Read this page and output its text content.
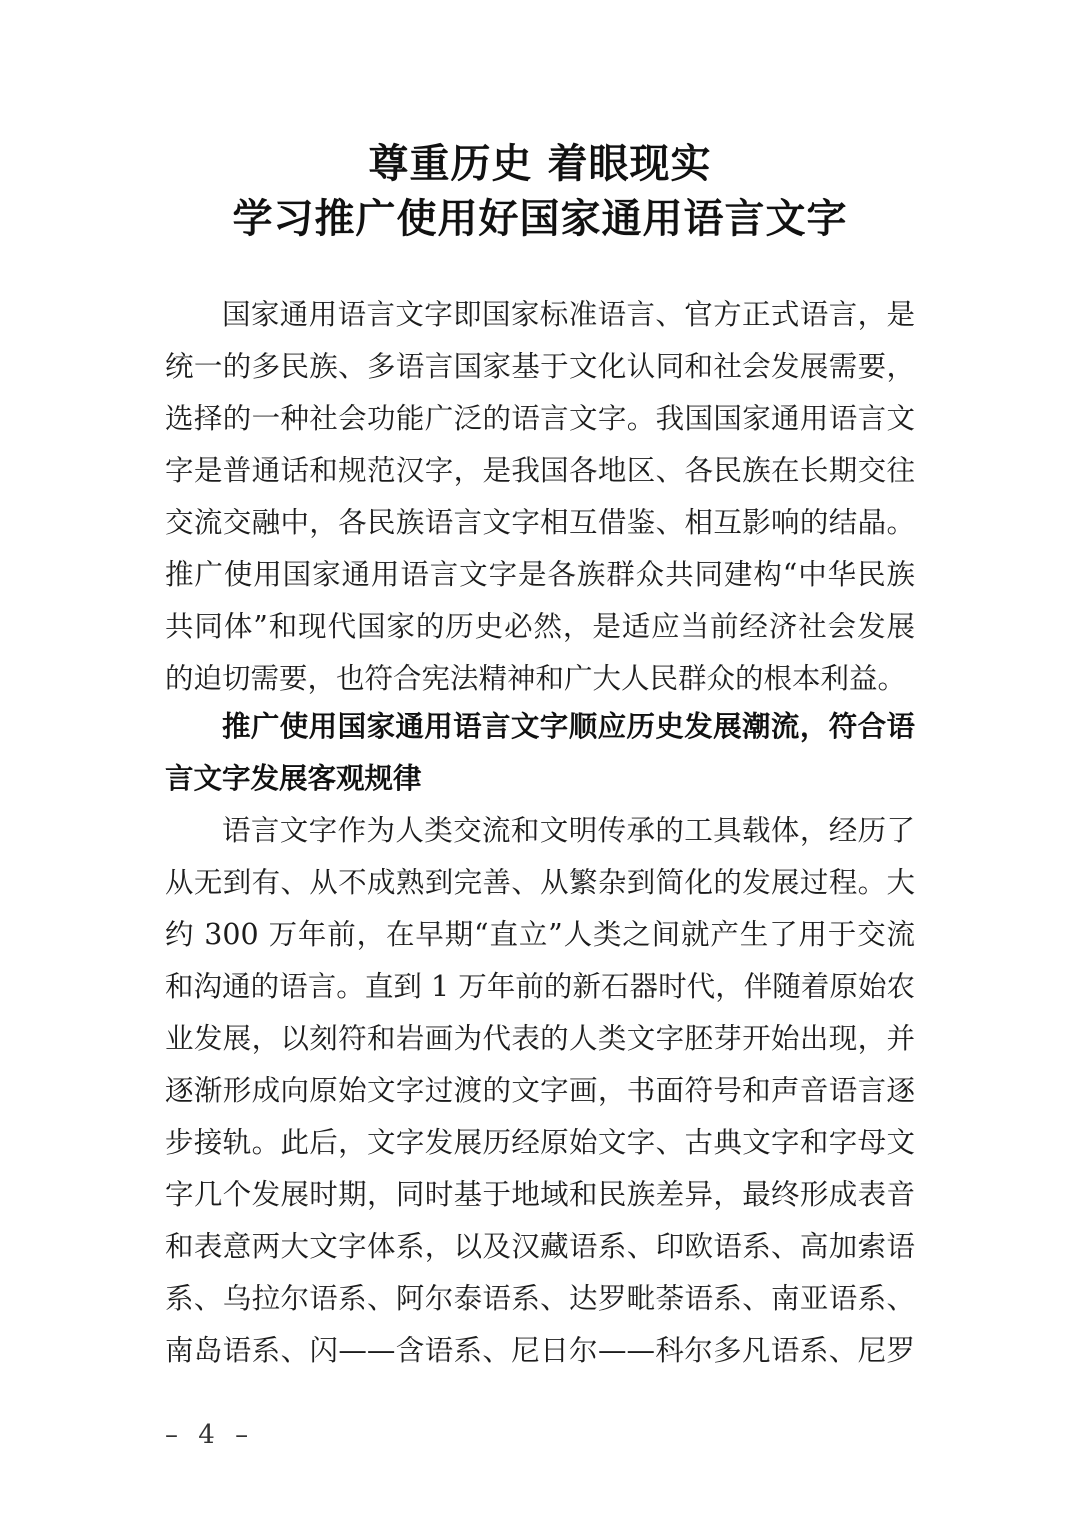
尊重历史 着眼现实
学习推广使用好国家通用语言文字
国家通用语言文字即国家标准语言、官方正式语言，是
统一的多民族、多语言国家基于文化认同和社会发展需要，
选择的一种社会功能广泛的语言文字。我国国家通用语言文
字是普通话和规范汉字，是我国各地区、各民族在长期交往
交流交融中，各民族语言文字相互借鉴、相互影响的结晶。
推广使用国家通用语言文字是各族群众共同建构“中华民族
共同体”和现代国家的历史必然，是适应当前经济社会发展
的迫切需要，也符合宪法精神和广大人民群众的根本利益。
推广使用国家通用语言文字顺应历史发展潮流，符合语
言文字发展客观规律
语言文字作为人类交流和文明传承的工具载体，经历了
从无到有、从不成熟到完善、从繁杂到简化的发展过程。大
约 300 万年前，在早期“直立”人类之间就产生了用于交流
和沟通的语言。直到 1 万年前的新石器时代，伴随着原始农
业发展，以刻符和岩画为代表的人类文字胚芽开始出现，并
逐渐形成向原始文字过渡的文字画，书面符号和声音语言逐
步接轨。此后，文字发展历经原始文字、古典文字和字母文
字几个发展时期，同时基于地域和民族差异，最终形成表音
和表意两大文字体系，以及汉藏语系、印欧语系、高加索语
系、乌拉尔语系、阿尔泰语系、达罗毗荼语系、南亚语系、
南岛语系、闪——含语系、尼日尔——科尔多凡语系、尼罗
– 4 –
